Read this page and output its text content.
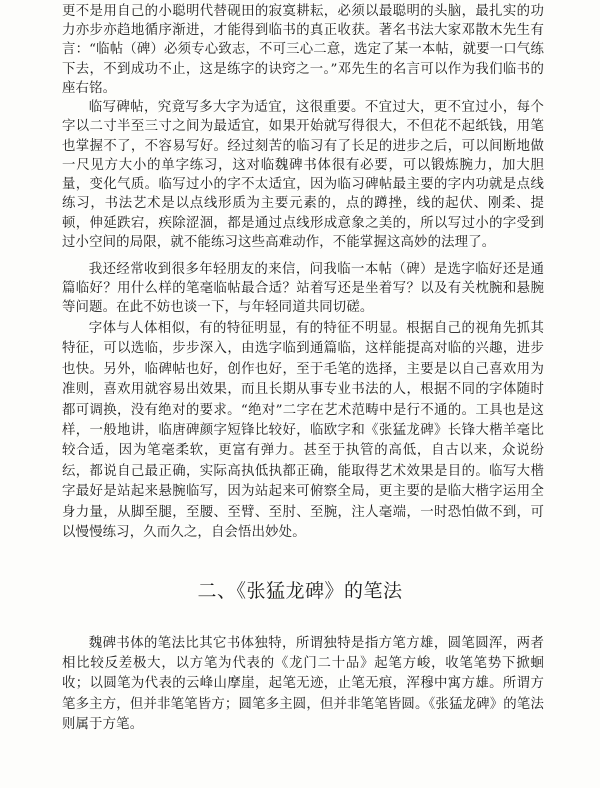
更不是用自己的小聪明代替砚田的寂寞耕耘，必须以最聪明的头脑，最扎实的功力亦步亦趋地循序渐进，才能得到临书的真正收获。著名书法大家邓散木先生有言：“临帖（碑）必须专心致志，不可三心二意，选定了某一本帖，就要一口气练下去，不到成功不止，这是练字的诀窍之一。”邓先生的名言可以作为我们临书的座右铭。

临写碑帖，究竟写多大字为适宜，这很重要。不宜过大，更不宜过小，每个字以二寸半至三寸之间为最适宜，如果开始就写得很大，不但花不起纸钱，用笔也掌握不了，不容易写好。经过刻苦的临习有了长足的进步之后，可以间断地做一尺见方大小的单字练习，这对临魏碑书体很有必要，可以锻炼腕力，加大胆量，变化气质。临写过小的字不太适宜，因为临习碑帖最主要的字内功就是点线练习，书法艺术是以点线形质为主要元素的，点的蹲挫，线的起伏、刚柔、提顿，伸延跌宕，疾除涩涸，都是通过点线形成意象之美的，所以写过小的字受到过小空间的局限，就不能练习这些高难动作，不能掌握这高妙的法理了。

我还经常收到很多年轻朋友的来信，问我临一本帖（碑）是选字临好还是通篇临好？用什么样的笔毫临帖最合适？站着写还是坐着写？以及有关枕腕和悬腕等问题。在此不妨也谈一下，与年轻同道共同切磋。

字体与人体相似，有的特征明显，有的特征不明显。根据自己的视角先抓其特征，可以选临，步步深入，由选字临到通篇临，这样能提高对临的兴趣，进步也快。另外，临碑帖也好，创作也好，至于毛笔的选择，主要是以自己喜欢用为准则，喜欢用就容易出效果，而且长期从事专业书法的人，根据不同的字体随时都可调换，没有绝对的要求。“绝对”二字在艺术范畴中是行不通的。工具也是这样，一般地讲，临唐碑颜字短锋比较好，临欧字和《张猛龙碑》长锋大楷羊毫比较合适，因为笔毫柔软，更富有弹力。甚至于执管的高低，自古以来，众说纷纭，都说自己最正确，实际高执低执都正确，能取得艺术效果是目的。临写大楷字最好是站起来悬腕临写，因为站起来可俯察全局，更主要的是临大楷字运用全身力量，从脚至腿，至腰、至臂、至肘、至腕，注人毫端，一时恐怕做不到，可以慢慢练习，久而久之，自会悟出妙处。

二、《张猛龙碑》的笔法

魏碑书体的笔法比其它书体独特，所谓独特是指方笔方雄，圆笔圆浑，两者相比较反差极大，以方笔为代表的《龙门二十品》起笔方峻，收笔笔势下掀蛔收；以圆笔为代表的云峰山摩崖，起笔无迹，止笔无痕，浑穆中寓方雄。所谓方笔多主方，但并非笔笔皆方；圆笔多主圆，但并非笔笔皆圆。《张猛龙碑》的笔法则属于方笔。
